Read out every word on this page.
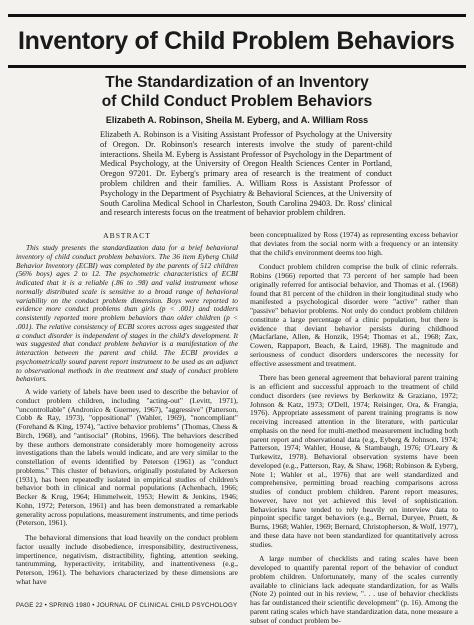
Inventory of Child Problem Behaviors
The Standardization of an Inventory
of Child Conduct Problem Behaviors
Elizabeth A. Robinson, Sheila M. Eyberg, and A. William Ross

Elizabeth A. Robinson is a Visiting Assistant Professor of Psychology at the University of Oregon. Dr. Robinson's research interests involve the study of parent-child interactions. Sheila M. Eyberg is Assistant Professor of Psychology in the Department of Medical Psychology, at the University of Oregon Health Sciences Center in Portland, Oregon 97201. Dr. Eyberg's primary area of research is the treatment of conduct problem children and their families. A. William Ross is Assistant Professor of Psychology in the Department of Psychiatry & Behavioral Sciences, at the University of South Carolina Medical School in Charleston, South Carolina 29403. Dr. Ross' clinical and research interests focus on the treatment of behavior problem children.

ABSTRACT

This study presents the standardization data for a brief behavioral inventory of child conduct problem behaviors. The 36 item Eyberg Child Behavior Inventory (ECBI) was completed by the parents of 512 children (56% boys) ages 2 to 12. The psychometric characteristics of ECBI indicated that it is a reliable (.86 to .98) and valid instrument whose normally distributed scale is sensitive to a broad range of behavioral variability on the conduct problem dimension. Boys were reported to evidence more conduct problems than girls (p < .001) and toddlers consistently reported more problem behaviors than older children (p < .001). The relative consistency of ECBI scores across ages suggested that a conduct disorder is independent of stages in the child's development. It was suggested that conduct problem behavior is a manifestation of the interaction between the parent and child. The ECBI provides a psychometrically sound parent report instrument to be used as an adjunct to observational methods in the treatment and study of conduct problem behaviors.

A wide variety of labels have been used to describe the behavior of conduct problem children, including "acting-out" (Levitt, 1971), "uncontrollable" (Andronico & Guerney, 1967), "aggressive" (Patterson, Cobb & Ray, 1973), "oppositional" (Wahler, 1969), "noncompliant" (Forehand & King, 1974), "active behavior problems" (Thomas, Chess & Birch, 1968), and "antisocial" (Robins, 1966). The behaviors described by these authors demonstrate considerably more homogeneity across investigations than the labels would indicate, and are very similar to the constellation of events identified by Peterson (1961) as "conduct problems." This cluster of behaviors, originally postulated by Ackerson (1931), has been repeatedly isolated in empirical studies of children's behavior both in clinical and normal populations (Achenbach, 1966; Becker & Krug, 1964; Himmelweit, 1953; Hewitt & Jenkins, 1946; Kohn, 1972; Peterson, 1961) and has been demonstrated a remarkable generality across populations, measurement instruments, and time periods (Peterson, 1961).

The behavioral dimensions that load heavily on the conduct problem factor usually include disobedience, irresponsibility, destructiveness, impertinence, negativism, distractibility, fighting, attention seeking, tantrumming, hyperactivity, irritability, and inattentiveness (e.g., Peterson, 1961). The behaviors characterized by these dimensions are what have

been conceptualized by Ross (1974) as representing excess behavior that deviates from the social norm with a frequency or an intensity that the child's environment deems too high.

Conduct problem children comprise the bulk of clinic referrals. Robins (1966) reported that 73 percent of her sample had been originally referred for antisocial behavior, and Thomas et al. (1968) found that 81 percent of the children in their longitudinal study who manifested a psychological disorder were "active" rather than "passive" behavior problems. Not only do conduct problem children constitute a large percentage of a clinic population, but there is evidence that deviant behavior persists during childhood (Macfarlane, Allen, & Honzik, 1954; Thomas et al., 1968; Zax, Cowen, Rappaport, Beach, & Laird, 1968). The magnitude and seriousness of conduct disorders underscores the necessity for effective assessment and treatment.

There has been general agreement that behavioral parent training is an efficient and successful approach to the treatment of child conduct disorders (see reviews by Berkowitz & Graziano, 1972; Johnson & Katz, 1973; O'Dell, 1974; Reisinger, Ora, & Frangia, 1976). Appropriate assessment of parent training programs is now receiving increased attention in the literature, with particular emphasis on the need for multi-method measurement including both parent report and observational data (e.g., Eyberg & Johnson, 1974; Patterson, 1974; Wahler, House, & Stambaugh, 1976; O'Leary & Turkewitz, 1978). Behavioral observation systems have been developed (e.g., Patterson, Ray, & Shaw, 1968; Robinson & Eyberg, Note 1; Wahler et al., 1976) that are well standardized and comprehensive, permitting broad reaching comparisons across studies of conduct problem children. Parent report measures, however, have not yet achieved this level of sophistication. Behaviorists have tended to rely heavily on interview data to pinpoint specific target behaviors (e.g., Bernal, Duryee, Pruett, & Burns, 1968; Wahler, 1969; Bernard, Christopherson, & Wolf, 1977), and these data have not been standardized for quantitatively across studies.

A large number of checklists and rating scales have been developed to quantify parental report of the behavior of conduct problem children. Unfortunately, many of the scales currently available to clinicians lack adequate standardization, for as Walls (Note 2) pointed out in his review, ". . . use of behavior checklists has far outdistanced their scientific development" (p. 16). Among the parent rating scales which have standardization data, none measure a subset of conduct problem be-

PAGE 22 • SPRING 1980 • JOURNAL OF CLINICAL CHILD PSYCHOLOGY
